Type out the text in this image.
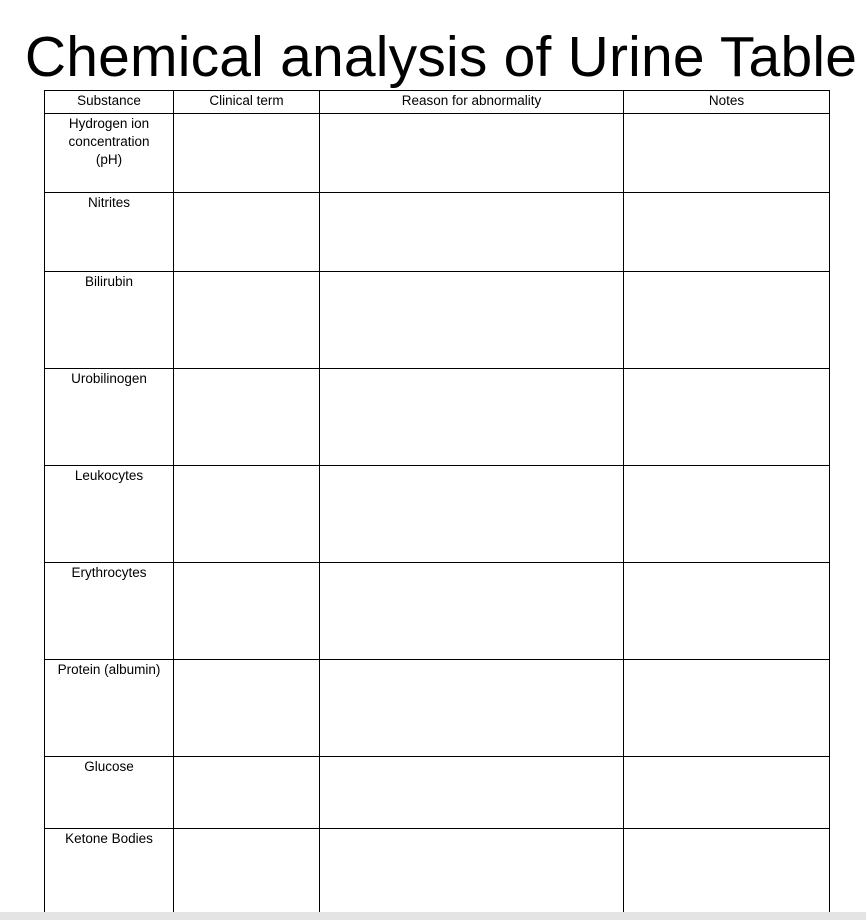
Chemical analysis of Urine Table
Substance	Clinical term	Reason for abnormality	Notes
Hydrogen ion concentration (pH)			
Nitrites			
Bilirubin			
Urobilinogen			
Leukocytes			
Erythrocytes			
Protein (albumin)			
Glucose			
Ketone Bodies			
